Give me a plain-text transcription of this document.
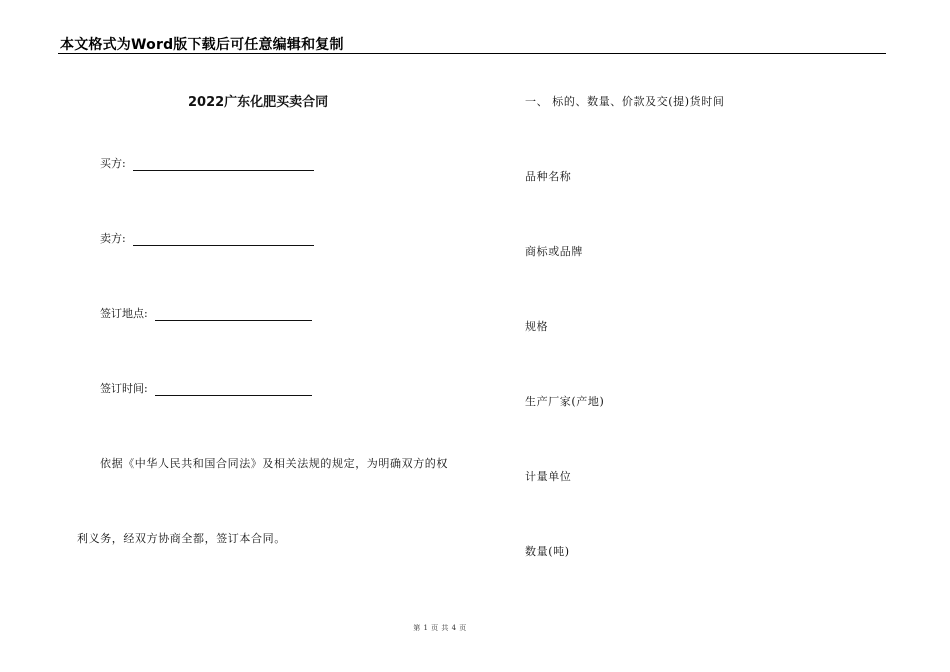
本文格式为Word版下载后可任意编辑和复制
2022广东化肥买卖合同
买方:
卖方:
签订地点:
签订时间:
依据《中华人民共和国合同法》及相关法规的规定，为明确双方的权
利义务，经双方协商全都，签订本合同。
一、 标的、数量、价款及交(提)货时间
品种名称
商标或品牌
规格
生产厂家(产地)
计量单位
数量(吨)
第 1 页 共 4 页
